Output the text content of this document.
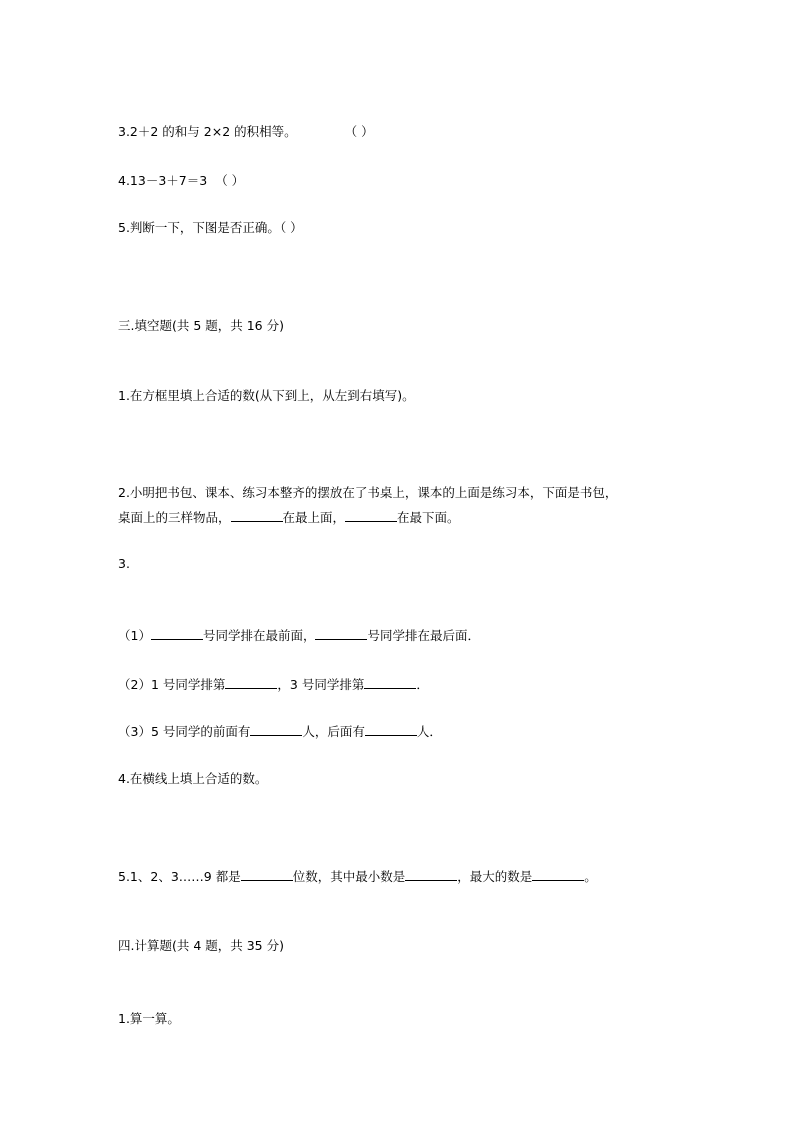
3.2＋2 的和与 2×2 的积相等。	（ ）
4.13－3＋7＝3 （ ）
5.判断一下，下图是否正确。（ ）
三.填空题(共 5 题，共 16 分)
1.在方框里填上合适的数(从下到上，从左到右填写)。
2.小明把书包、课本、练习本整齐的摆放在了书桌上，课本的上面是练习本，下面是书包，
桌面上的三样物品，	在最上面，	在最下面。
3.
（1）	号同学排在最前面，	号同学排在最后面．
（2）1 号同学排第	，3 号同学排第	．
（3）5 号同学的前面有	人，后面有	人．
4.在横线上填上合适的数。
5.1、2、3……9 都是	位数，其中最小数是	，最大的数是	。
四.计算题(共 4 题，共 35 分)
1.算一算。
